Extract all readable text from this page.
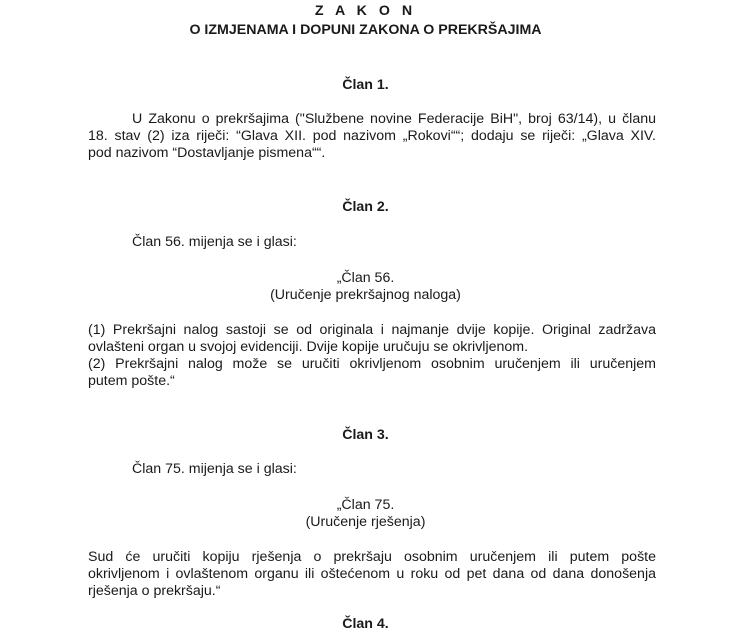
Z A K O N
O IZMJENAMA I DOPUNI ZAKONA O PREKRŠAJIMA
Član 1.
U Zakonu o prekršajima ("Službene novine Federacije BiH", broj 63/14), u članu
18. stav (2) iza riječi: “Glava XII. pod nazivom „Rokovi““; dodaju se riječi: „Glava XIV.
pod nazivom “Dostavljanje pismena““.
Član 2.
Član 56. mijenja se i glasi:
„Član 56.
(Uručenje prekršajnog naloga)
(1) Prekršajni nalog sastoji se od originala i najmanje dvije kopije. Original zadržava
ovlašteni organ u svojoj evidenciji. Dvije kopije uručuju se okrivljenom.
(2) Prekršajni nalog može se uručiti okrivljenom osobnim uručenjem ili uručenjem
putem pošte.“
Član 3.
Član 75. mijenja se i glasi:
„Član 75.
(Uručenje rješenja)
Sud će uručiti kopiju rješenja o prekršaju osobnim uručenjem ili putem pošte
okrivljenom i ovlaštenom organu ili oštećenom u roku od pet dana od dana donošenja
rješenja o prekršaju.“
Član 4.
